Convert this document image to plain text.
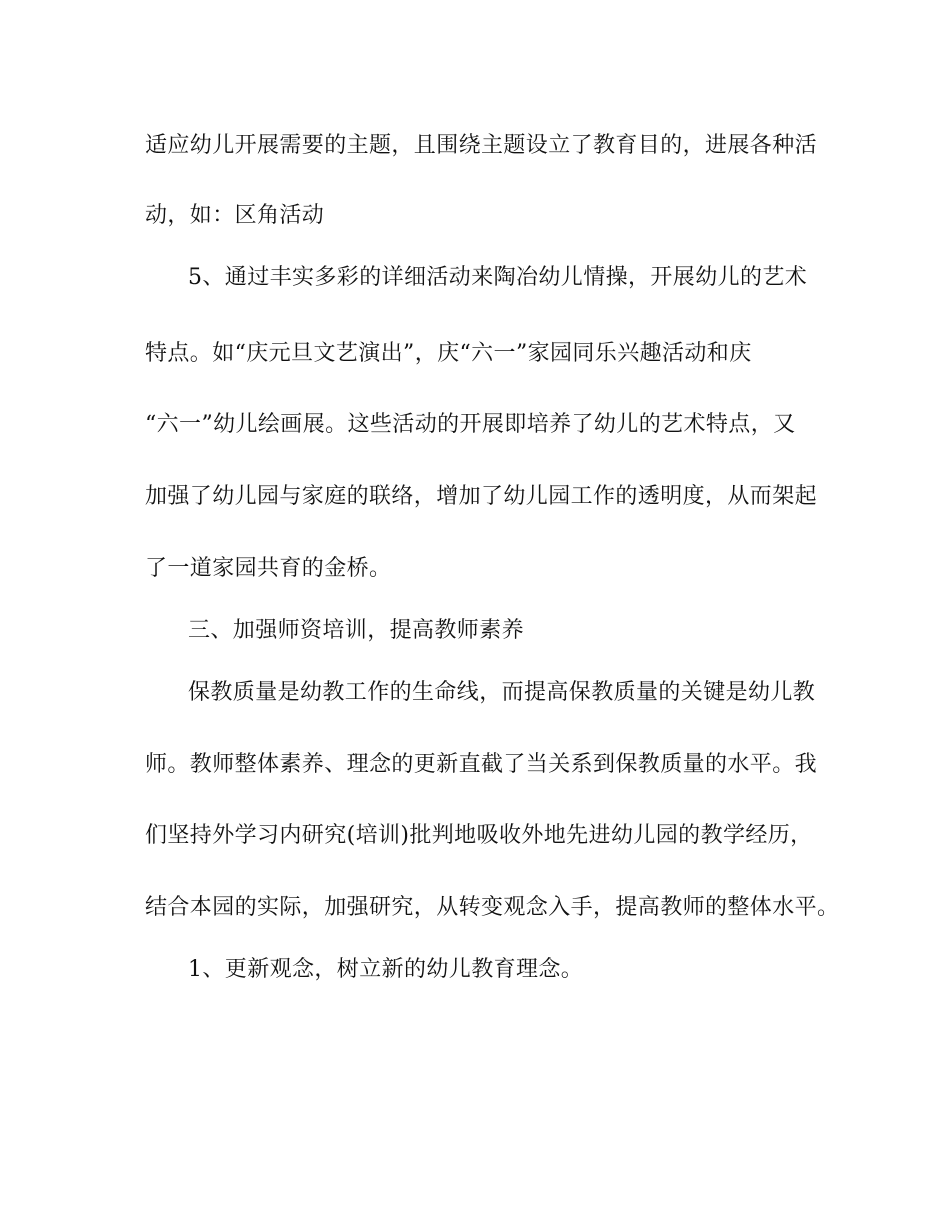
适应幼儿开展需要的主题，且围绕主题设立了教育目的，进展各种活
动，如：区角活动
5、通过丰实多彩的详细活动来陶冶幼儿情操，开展幼儿的艺术
特点。如“庆元旦文艺演出”，庆“六一”家园同乐兴趣活动和庆
“六一”幼儿绘画展。这些活动的开展即培养了幼儿的艺术特点，又
加强了幼儿园与家庭的联络，增加了幼儿园工作的透明度，从而架起
了一道家园共育的金桥。
三、加强师资培训，提高教师素养
保教质量是幼教工作的生命线，而提高保教质量的关键是幼儿教
师。教师整体素养、理念的更新直截了当关系到保教质量的水平。我
们坚持外学习内研究(培训)批判地吸收外地先进幼儿园的教学经历，
结合本园的实际，加强研究，从转变观念入手，提高教师的整体水平。
1、更新观念，树立新的幼儿教育理念。
